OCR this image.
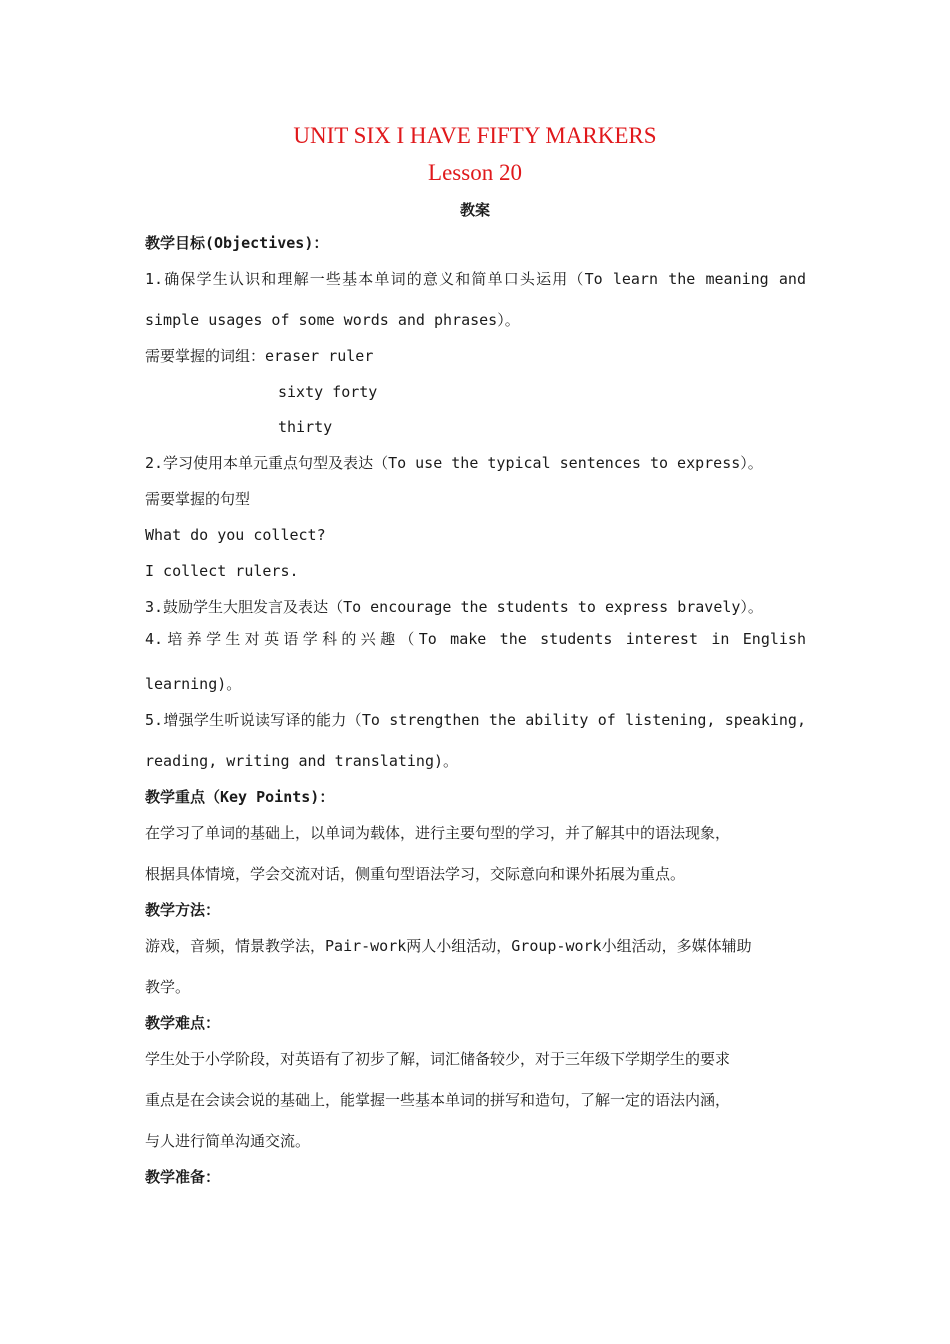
UNIT SIX I HAVE FIFTY MARKERS
Lesson 20
教案
教学目标(Objectives)：
1.确保学生认识和理解一些基本单词的意义和简单口头运用（To learn the meaning and
simple usages of some words and phrases）。
需要掌握的词组：eraser ruler
sixty forty
thirty
2.学习使用本单元重点句型及表达（To use the typical sentences to express）。
需要掌握的句型
What do you collect?
I collect rulers.
3.鼓励学生大胆发言及表达（To encourage the students to express bravely）。
4.培养学生对英语学科的兴趣（To make the students interest in English
learning)。
5.增强学生听说读写译的能力（To strengthen the ability of listening, speaking,
reading, writing and translating)。
教学重点（Key Points)：
在学习了单词的基础上，以单词为载体，进行主要句型的学习，并了解其中的语法现象，
根据具体情境，学会交流对话，侧重句型语法学习，交际意向和课外拓展为重点。
教学方法：
游戏，音频，情景教学法，Pair-work两人小组活动，Group-work小组活动，多媒体辅助
教学。
教学难点：
学生处于小学阶段，对英语有了初步了解，词汇储备较少，对于三年级下学期学生的要求
重点是在会读会说的基础上，能掌握一些基本单词的拼写和造句，了解一定的语法内涵，
与人进行简单沟通交流。
教学准备：
